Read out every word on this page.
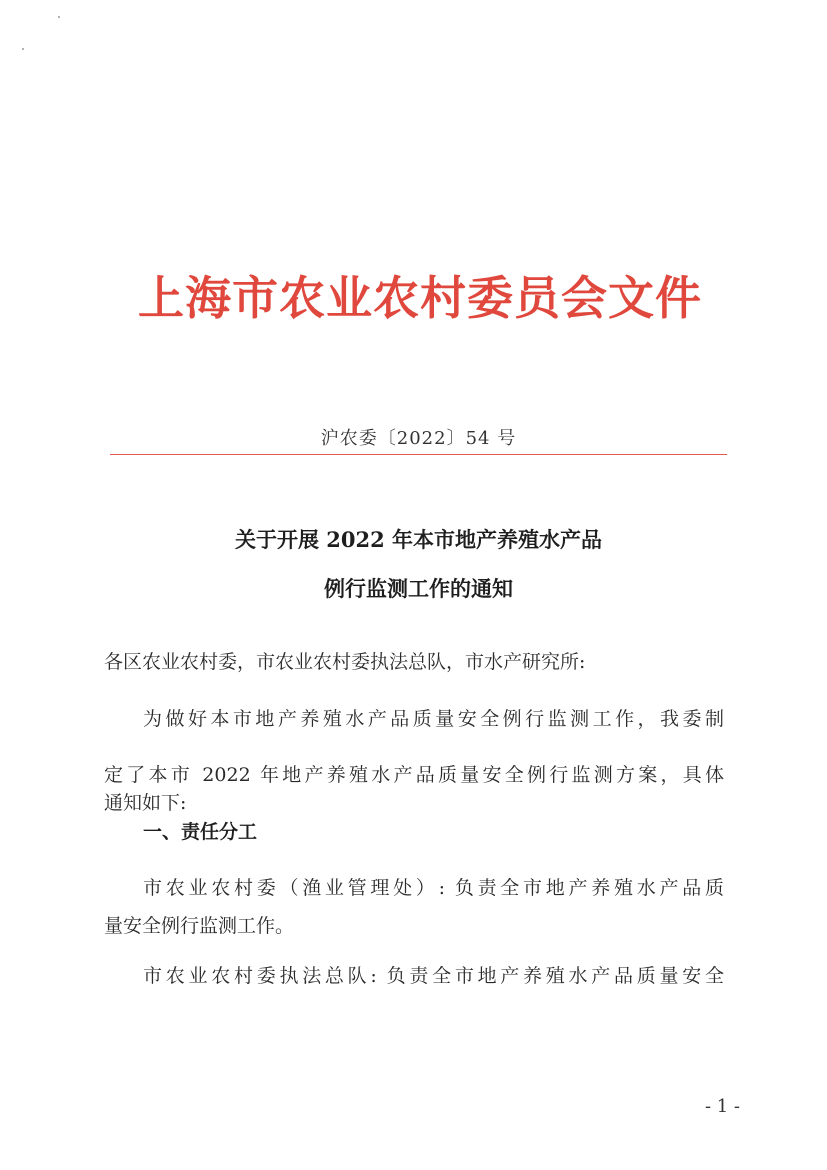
上海市农业农村委员会文件
沪农委〔2022〕54 号
关于开展 2022 年本市地产养殖水产品
例行监测工作的通知
各区农业农村委，市农业农村委执法总队，市水产研究所:
为做好本市地产养殖水产品质量安全例行监测工作，我委制
定了本市 2022 年地产养殖水产品质量安全例行监测方案，具体
通知如下:
一、责任分工
市农业农村委（渔业管理处）: 负责全市地产养殖水产品质
量安全例行监测工作。
市农业农村委执法总队: 负责全市地产养殖水产品质量安全
- 1 -
